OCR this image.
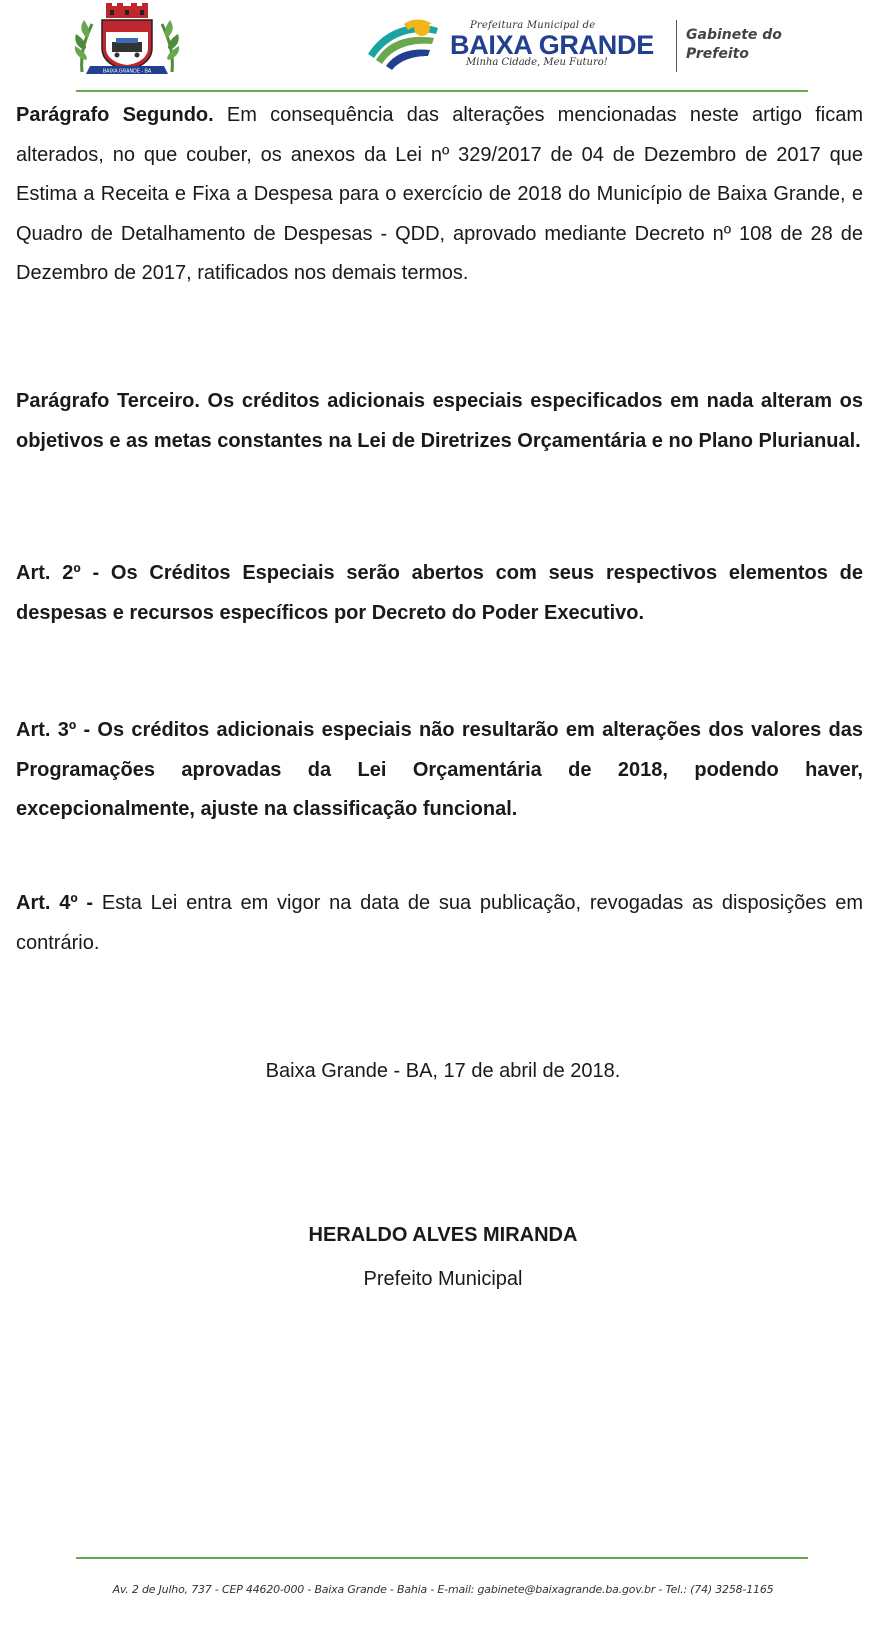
BAIXA GRANDE - BA
Prefeitura Municipal de
BAIXA GRANDE
Minha Cidade, Meu Futuro!
Gabinete do
Prefeito

Parágrafo Segundo. Em consequência das alterações mencionadas neste artigo ficam alterados, no que couber, os anexos da Lei nº 329/2017 de 04 de Dezembro de 2017 que Estima a Receita e Fixa a Despesa para o exercício de 2018 do Município de Baixa Grande, e Quadro de Detalhamento de Despesas - QDD, aprovado mediante Decreto nº 108 de 28 de Dezembro de 2017, ratificados nos demais termos.

Parágrafo Terceiro. Os créditos adicionais especiais especificados em nada alteram os objetivos e as metas constantes na Lei de Diretrizes Orçamentária e no Plano Plurianual.

Art. 2º - Os Créditos Especiais serão abertos com seus respectivos elementos de despesas e recursos específicos por Decreto do Poder Executivo.

Art. 3º - Os créditos adicionais especiais não resultarão em alterações dos valores das Programações aprovadas da Lei Orçamentária de 2018, podendo haver, excepcionalmente, ajuste na classificação funcional.

Art. 4º - Esta Lei entra em vigor na data de sua publicação, revogadas as disposições em contrário.

Baixa Grande - BA, 17 de abril de 2018.
HERALDO ALVES MIRANDA
Prefeito Municipal
Av. 2 de Julho, 737 - CEP 44620-000 - Baixa Grande - Bahia - E-mail: gabinete@baixagrande.ba.gov.br - Tel.: (74) 3258-1165
